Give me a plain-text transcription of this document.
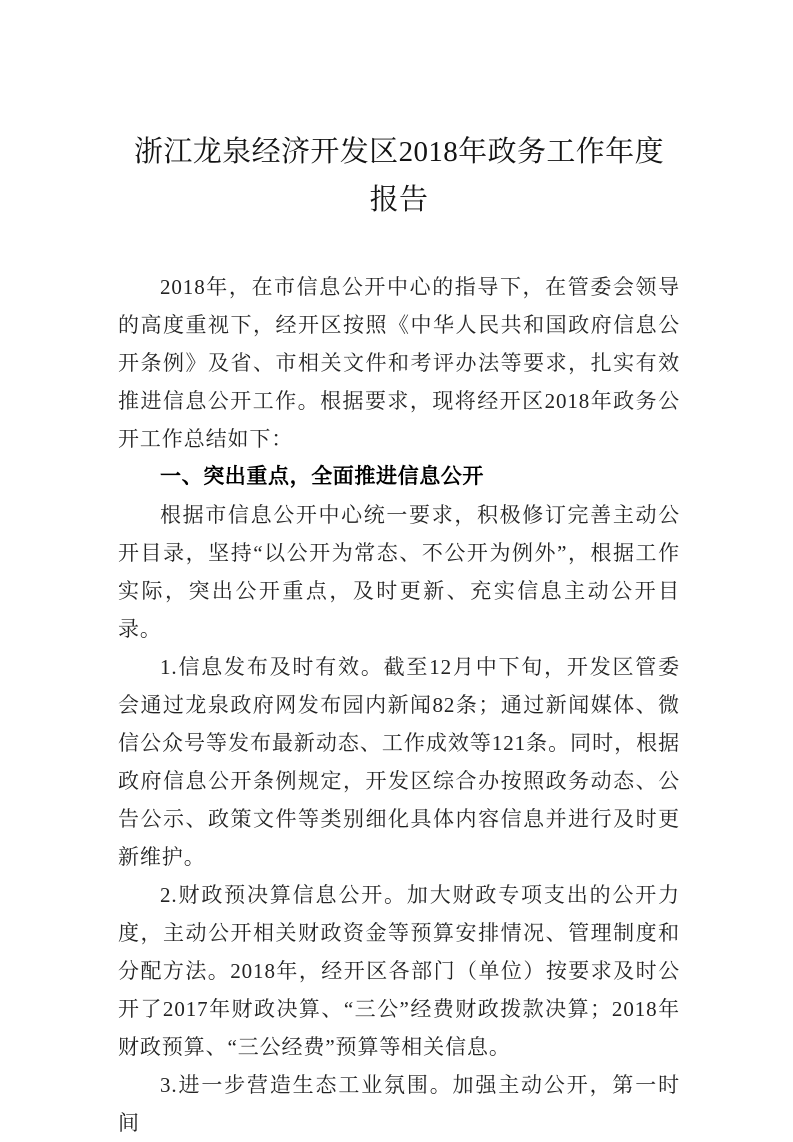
浙江龙泉经济开发区2018年政务工作年度报告

2018年，在市信息公开中心的指导下，在管委会领导的高度重视下，经开区按照《中华人民共和国政府信息公开条例》及省、市相关文件和考评办法等要求，扎实有效推进信息公开工作。根据要求，现将经开区2018年政务公开工作总结如下：

一、突出重点，全面推进信息公开

根据市信息公开中心统一要求，积极修订完善主动公开目录，坚持“以公开为常态、不公开为例外”，根据工作实际，突出公开重点，及时更新、充实信息主动公开目录。

1.信息发布及时有效。截至12月中下旬，开发区管委会通过龙泉政府网发布园内新闻82条；通过新闻媒体、微信公众号等发布最新动态、工作成效等121条。同时，根据政府信息公开条例规定，开发区综合办按照政务动态、公告公示、政策文件等类别细化具体内容信息并进行及时更新维护。

2.财政预决算信息公开。加大财政专项支出的公开力度，主动公开相关财政资金等预算安排情况、管理制度和分配方法。2018年，经开区各部门（单位）按要求及时公开了2017年财政决算、“三公”经费财政拨款决算；2018年财政预算、“三公经费”预算等相关信息。

3.进一步营造生态工业氛围。加强主动公开，第一时间
